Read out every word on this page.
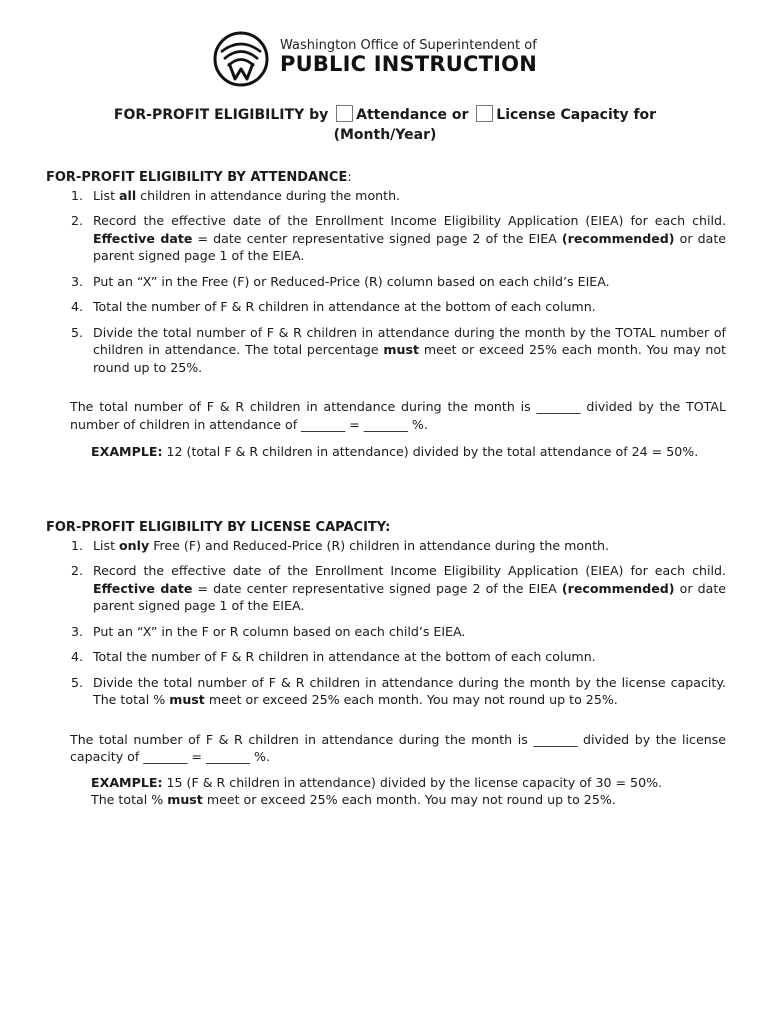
Washington Office of Superintendent of
PUBLIC INSTRUCTION
FOR-PROFIT ELIGIBILITY by Attendance or License Capacity for
(Month/Year)
FOR-PROFIT ELIGIBILITY BY ATTENDANCE:
1. List all children in attendance during the month.
2. Record the effective date of the Enrollment Income Eligibility Application (EIEA) for each child. Effective date = date center representative signed page 2 of the EIEA (recommended) or date parent signed page 1 of the EIEA.
3. Put an “X” in the Free (F) or Reduced-Price (R) column based on each child’s EIEA.
4. Total the number of F & R children in attendance at the bottom of each column.
5. Divide the total number of F & R children in attendance during the month by the TOTAL number of children in attendance. The total percentage must meet or exceed 25% each month. You may not round up to 25%.
The total number of F & R children in attendance during the month is _______ divided by the TOTAL number of children in attendance of _______ = _______ %.
EXAMPLE: 12 (total F & R children in attendance) divided by the total attendance of 24 = 50%.
FOR-PROFIT ELIGIBILITY BY LICENSE CAPACITY:
1. List only Free (F) and Reduced-Price (R) children in attendance during the month.
2. Record the effective date of the Enrollment Income Eligibility Application (EIEA) for each child. Effective date = date center representative signed page 2 of the EIEA (recommended) or date parent signed page 1 of the EIEA.
3. Put an “X” in the F or R column based on each child’s EIEA.
4. Total the number of F & R children in attendance at the bottom of each column.
5. Divide the total number of F & R children in attendance during the month by the license capacity. The total % must meet or exceed 25% each month. You may not round up to 25%.
The total number of F & R children in attendance during the month is _______ divided by the license capacity of _______ = _______ %.
EXAMPLE: 15 (F & R children in attendance) divided by the license capacity of 30 = 50%.
The total % must meet or exceed 25% each month. You may not round up to 25%.
